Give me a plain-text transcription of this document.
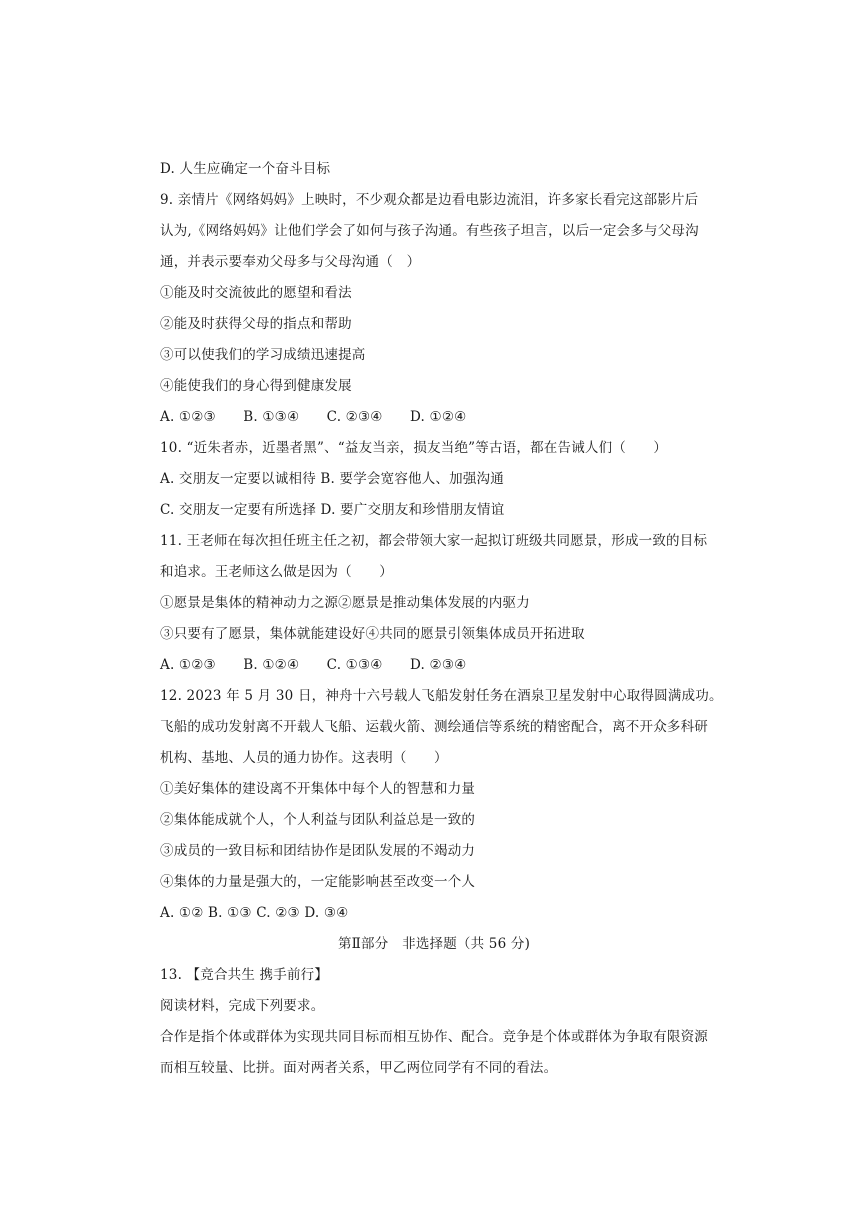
D. 人生应确定一个奋斗目标
9. 亲情片《网络妈妈》上映时，不少观众都是边看电影边流泪，许多家长看完这部影片后
认为,《网络妈妈》让他们学会了如何与孩子沟通。有些孩子坦言，以后一定会多与父母沟
通，并表示要奉劝父母多与父母沟通（　）
①能及时交流彼此的愿望和看法
②能及时获得父母的指点和帮助
③可以使我们的学习成绩迅速提高
④能使我们的身心得到健康发展
A. ①②③　　B. ①③④　　C. ②③④　　D. ①②④
10. “近朱者赤，近墨者黑”、“益友当亲，损友当绝”等古语，都在告诫人们（　　）
A. 交朋友一定要以诚相待 B. 要学会宽容他人、加强沟通
C. 交朋友一定要有所选择 D. 要广交朋友和珍惜朋友情谊
11. 王老师在每次担任班主任之初，都会带领大家一起拟订班级共同愿景，形成一致的目标
和追求。王老师这么做是因为（　　）
①愿景是集体的精神动力之源②愿景是推动集体发展的内驱力
③只要有了愿景，集体就能建设好④共同的愿景引领集体成员开拓进取
A. ①②③　　B. ①②④　　C. ①③④　　D. ②③④
12. 2023 年 5 月 30 日，神舟十六号载人飞船发射任务在酒泉卫星发射中心取得圆满成功。
飞船的成功发射离不开载人飞船、运载火箭、测绘通信等系统的精密配合，离不开众多科研
机构、基地、人员的通力协作。这表明（　　）
①美好集体的建设离不开集体中每个人的智慧和力量
②集体能成就个人，个人利益与团队利益总是一致的
③成员的一致目标和团结协作是团队发展的不竭动力
④集体的力量是强大的，一定能影响甚至改变一个人
A. ①② B. ①③ C. ②③ D. ③④
第Ⅱ部分　非选择题（共 56 分)
13. 【竞合共生 携手前行】
阅读材料，完成下列要求。
合作是指个体或群体为实现共同目标而相互协作、配合。竞争是个体或群体为争取有限资源
而相互较量、比拼。面对两者关系，甲乙两位同学有不同的看法。
